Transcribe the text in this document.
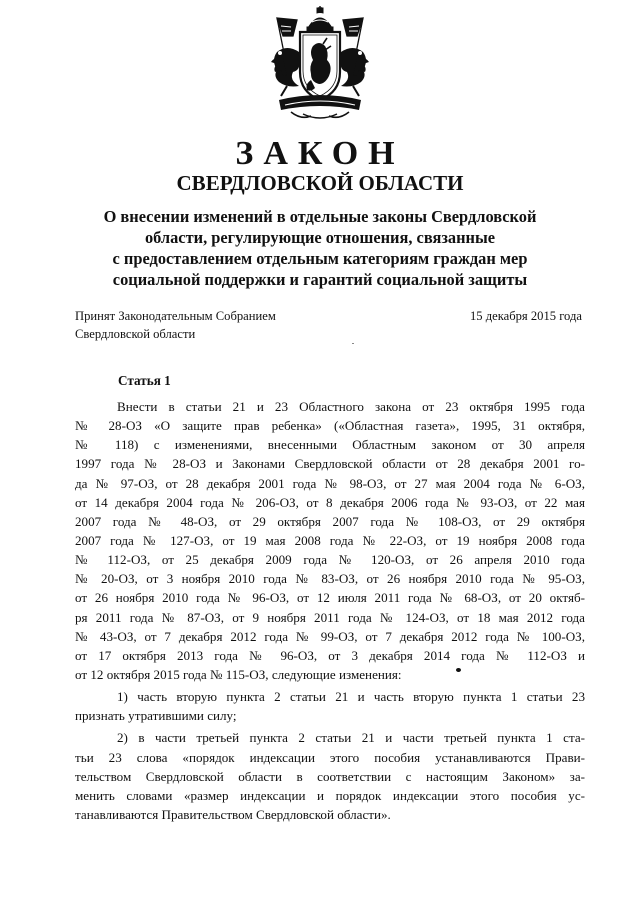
ЗАКОН
СВЕРДЛОВСКОЙ ОБЛАСТИ
О внесении изменений в отдельные законы Свердловской
области, регулирующие отношения, связанные
с предоставлением отдельным категориям граждан мер
социальной поддержки и гарантий социальной защиты
Принят Законодательным Собранием
Свердловской области
15 декабря 2015 года
Статья 1
Внести в статьи 21 и 23 Областного закона от 23 октября 1995 года
№ 28-ОЗ «О защите прав ребенка» («Областная газета», 1995, 31 октября,
№ 118) с изменениями, внесенными Областным законом от 30 апреля
1997 года № 28-ОЗ и Законами Свердловской области от 28 декабря 2001 го-
да № 97-ОЗ, от 28 декабря 2001 года № 98-ОЗ, от 27 мая 2004 года № 6-ОЗ,
от 14 декабря 2004 года № 206-ОЗ, от 8 декабря 2006 года № 93-ОЗ, от 22 мая
2007 года № 48-ОЗ, от 29 октября 2007 года № 108-ОЗ, от 29 октября
2007 года № 127-ОЗ, от 19 мая 2008 года № 22-ОЗ, от 19 ноября 2008 года
№ 112-ОЗ, от 25 декабря 2009 года № 120-ОЗ, от 26 апреля 2010 года
№ 20-ОЗ, от 3 ноября 2010 года № 83-ОЗ, от 26 ноября 2010 года № 95-ОЗ,
от 26 ноября 2010 года № 96-ОЗ, от 12 июля 2011 года № 68-ОЗ, от 20 октяб-
ря 2011 года № 87-ОЗ, от 9 ноября 2011 года № 124-ОЗ, от 18 мая 2012 года
№ 43-ОЗ, от 7 декабря 2012 года № 99-ОЗ, от 7 декабря 2012 года № 100-ОЗ,
от 17 октября 2013 года № 96-ОЗ, от 3 декабря 2014 года № 112-ОЗ и
от 12 октября 2015 года № 115-ОЗ, следующие изменения:
1) часть вторую пункта 2 статьи 21 и часть вторую пункта 1 статьи 23
признать утратившими силу;
2) в части третьей пункта 2 статьи 21 и части третьей пункта 1 ста-
тьи 23 слова «порядок индексации этого пособия устанавливаются Прави-
тельством Свердловской области в соответствии с настоящим Законом» за-
менить словами «размер индексации и порядок индексации этого пособия ус-
танавливаются Правительством Свердловской области».
